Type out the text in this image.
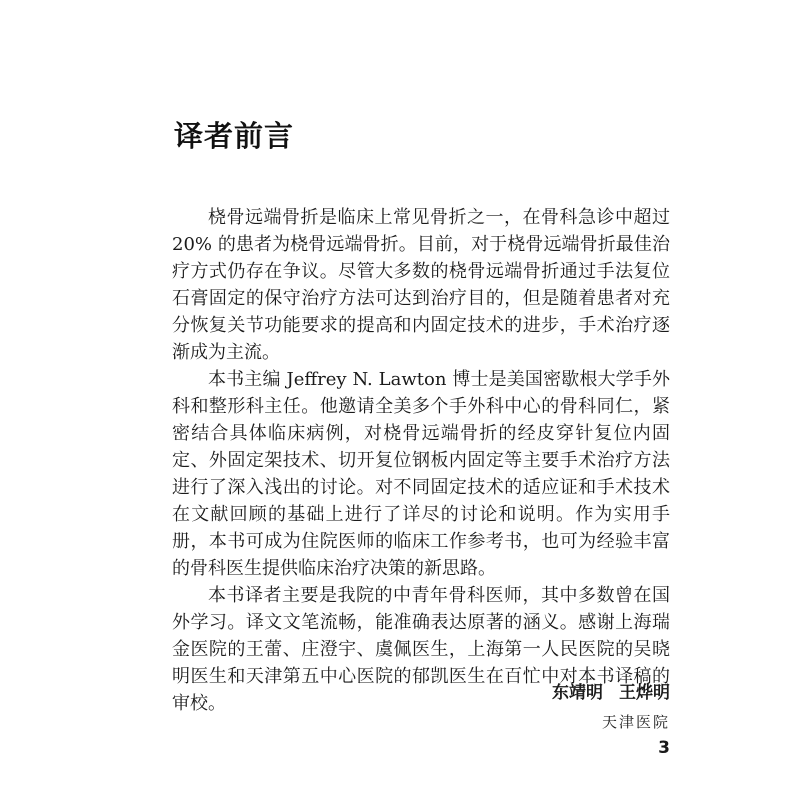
译者前言

桡骨远端骨折是临床上常见骨折之一，在骨科急诊中超过20% 的患者为桡骨远端骨折。目前，对于桡骨远端骨折最佳治疗方式仍存在争议。尽管大多数的桡骨远端骨折通过手法复位石膏固定的保守治疗方法可达到治疗目的，但是随着患者对充分恢复关节功能要求的提高和内固定技术的进步，手术治疗逐渐成为主流。

本书主编 Jeffrey N. Lawton 博士是美国密歇根大学手外科和整形科主任。他邀请全美多个手外科中心的骨科同仁，紧密结合具体临床病例，对桡骨远端骨折的经皮穿针复位内固定、外固定架技术、切开复位钢板内固定等主要手术治疗方法进行了深入浅出的讨论。对不同固定技术的适应证和手术技术在文献回顾的基础上进行了详尽的讨论和说明。作为实用手册，本书可成为住院医师的临床工作参考书，也可为经验丰富的骨科医生提供临床治疗决策的新思路。

本书译者主要是我院的中青年骨科医师，其中多数曾在国外学习。译文文笔流畅，能准确表达原著的涵义。感谢上海瑞金医院的王蕾、庄澄宇、虞佩医生，上海第一人民医院的吴晓明医生和天津第五中心医院的郁凯医生在百忙中对本书译稿的审校。	东靖明 王烨明
天津医院
3
